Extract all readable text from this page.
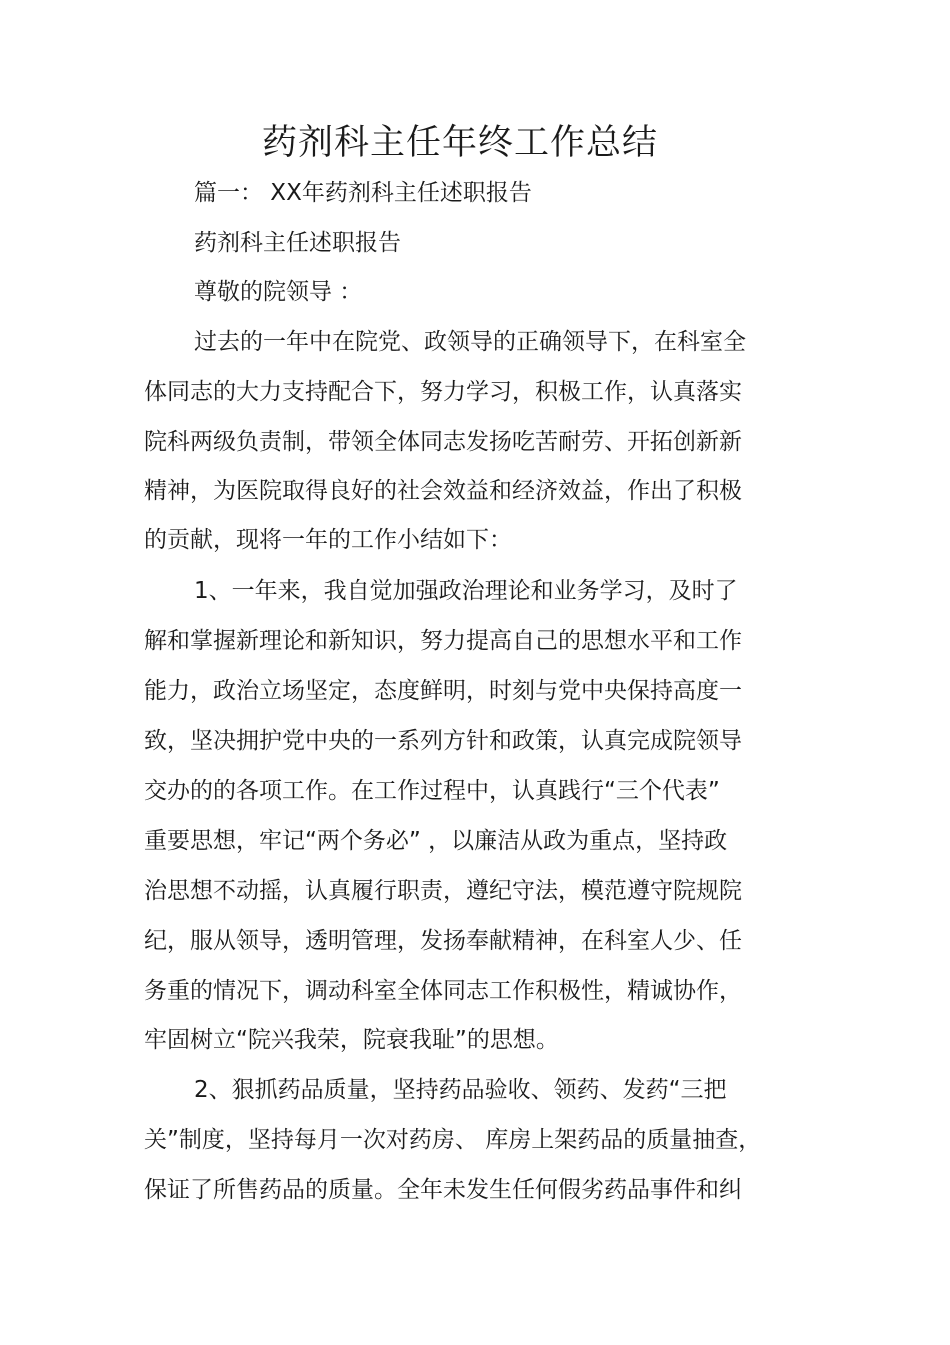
药剂科主任年终工作总结

篇一： XX年药剂科主任述职报告

药剂科主任述职报告

尊敬的院领导 ：

过去的一年中在院党、政领导的正确领导下，在科室全

体同志的大力支持配合下，努力学习，积极工作，认真落实

院科两级负责制，带领全体同志发扬吃苦耐劳、开拓创新新

精神，为医院取得良好的社会效益和经济效益，作出了积极

的贡献，现将一年的工作小结如下：

1、一年来，我自觉加强政治理论和业务学习，及时了

解和掌握新理论和新知识，努力提高自己的思想水平和工作

能力，政治立场坚定，态度鲜明，时刻与党中央保持高度一

致，坚决拥护党中央的一系列方针和政策，认真完成院领导

交办的的各项工作。在工作过程中，认真践行“三个代表”

重要思想，牢记“两个务必” ，以廉洁从政为重点，坚持政

治思想不动摇，认真履行职责，遵纪守法，模范遵守院规院

纪，服从领导，透明管理，发扬奉献精神，在科室人少、任

务重的情况下，调动科室全体同志工作积极性，精诚协作，

牢固树立“院兴我荣，院衰我耻”的思想。

2、狠抓药品质量，坚持药品验收、领药、发药“三把

关”制度，坚持每月一次对药房、 库房上架药品的质量抽查，

保证了所售药品的质量。全年未发生任何假劣药品事件和纠
